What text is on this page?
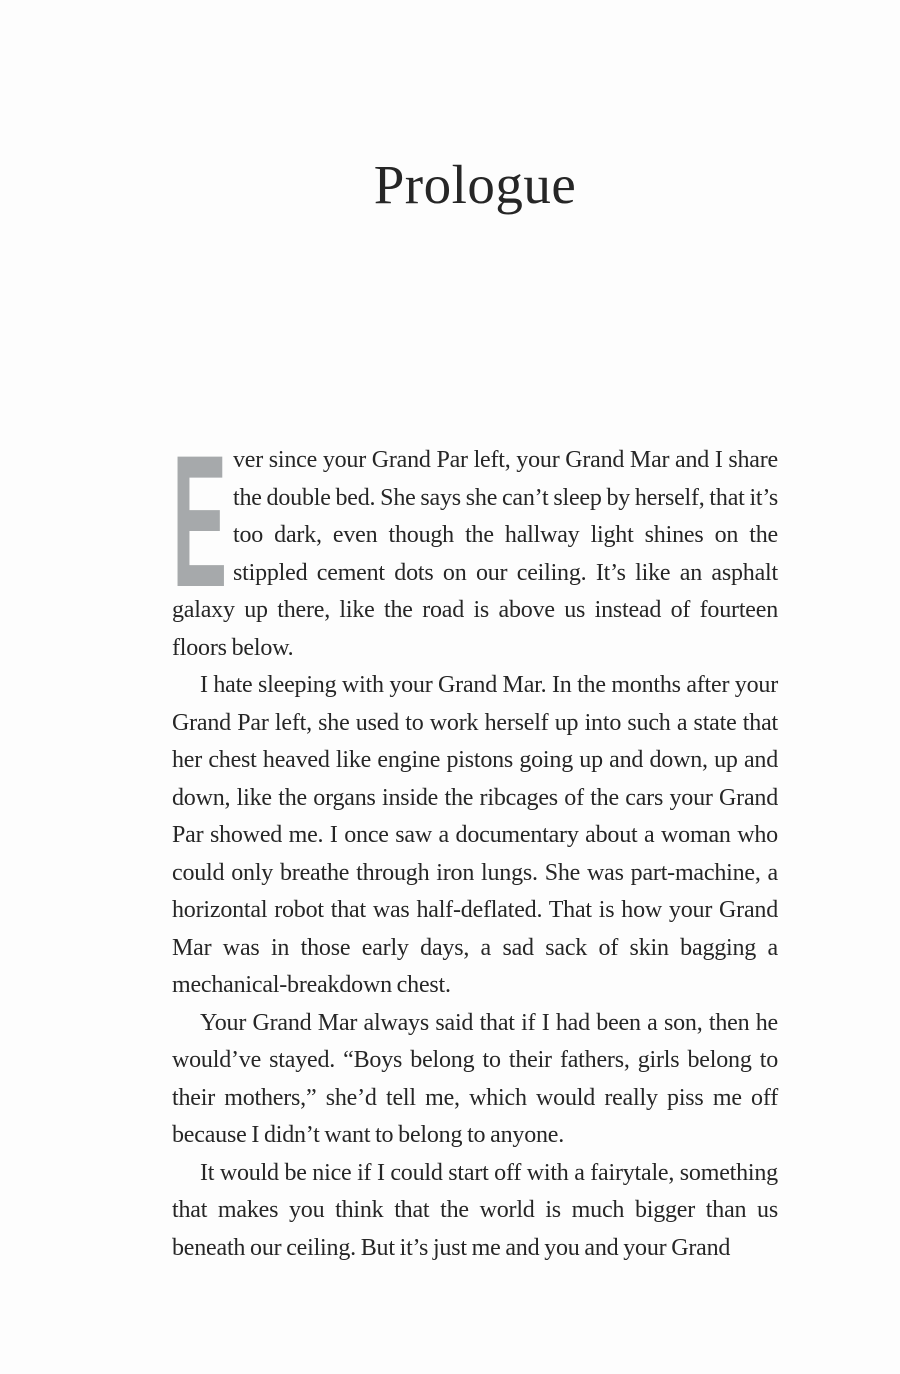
Prologue

E ver since your Grand Par left, your Grand Mar and I share the double bed. She says she can’t sleep by herself, that it’s too dark, even though the hallway light shines on the stippled cement dots on our ceiling. It’s like an asphalt galaxy up there, like the road is above us instead of fourteen floors below.

I hate sleeping with your Grand Mar. In the months after your Grand Par left, she used to work herself up into such a state that her chest heaved like engine pistons going up and down, up and down, like the organs inside the ribcages of the cars your Grand Par showed me. I once saw a documentary about a woman who could only breathe through iron lungs. She was part-machine, a horizontal robot that was half-deflated. That is how your Grand Mar was in those early days, a sad sack of skin bagging a mechanical-breakdown chest.

Your Grand Mar always said that if I had been a son, then he would’ve stayed. “Boys belong to their fathers, girls belong to their mothers,” she’d tell me, which would really piss me off because I didn’t want to belong to anyone.

It would be nice if I could start off with a fairytale, something that makes you think that the world is much bigger than us beneath our ceiling. But it’s just me and you and your Grand
